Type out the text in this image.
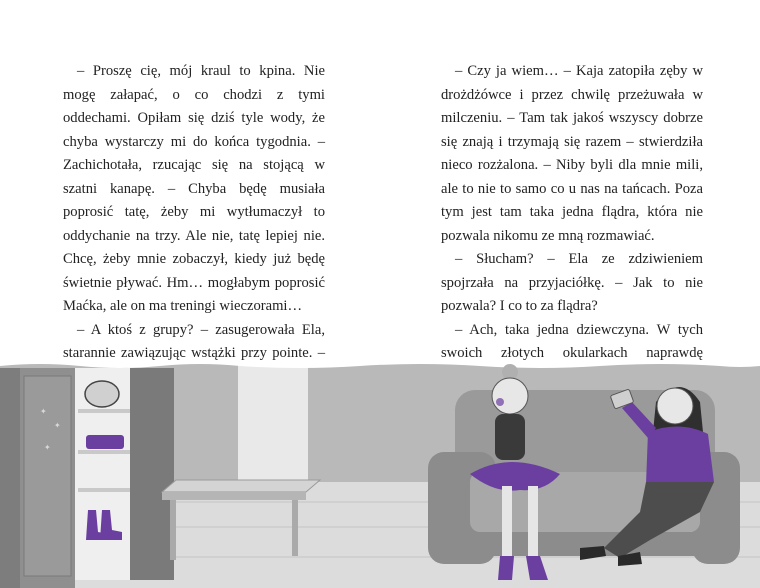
– Proszę cię, mój kraul to kpina. Nie mogę załapać, o co chodzi z tymi oddechami. Opiłam się dziś tyle wody, że chyba wystarczy mi do końca tygodnia. – Zachichotała, rzucając się na stojącą w szatni kanapę. – Chyba będę musiała poprosić tatę, żeby mi wytłumaczył to oddychanie na trzy. Ale nie, tatę lepiej nie. Chcę, żeby mnie zobaczył, kiedy już będę świetnie pływać. Hm… mogłabym poprosić Maćka, ale on ma treningi wieczorami…

– A ktoś z grupy? – zasugerowała Ela, starannie zawiązując wstążki przy pointe. –

– Czy ja wiem… – Kaja zatopiła zęby w drożdżówce i przez chwilę przeżuwała w milczeniu. – Tam tak jakoś wszyscy dobrze się znają i trzymają się razem – stwierdziła nieco rozżalona. – Niby byli dla mnie mili, ale to nie to samo co u nas na tańcach. Poza tym jest tam taka jedna flądra, która nie pozwala nikomu ze mną rozmawiać.

– Słucham? – Ela ze zdziwieniem spojrzała na przyjaciółkę. – Jak to nie pozwala? I co to za flądra?

– Ach, taka jedna dziewczyna. W tych swoich złotych okularkach naprawdę

✦
✦
✦
